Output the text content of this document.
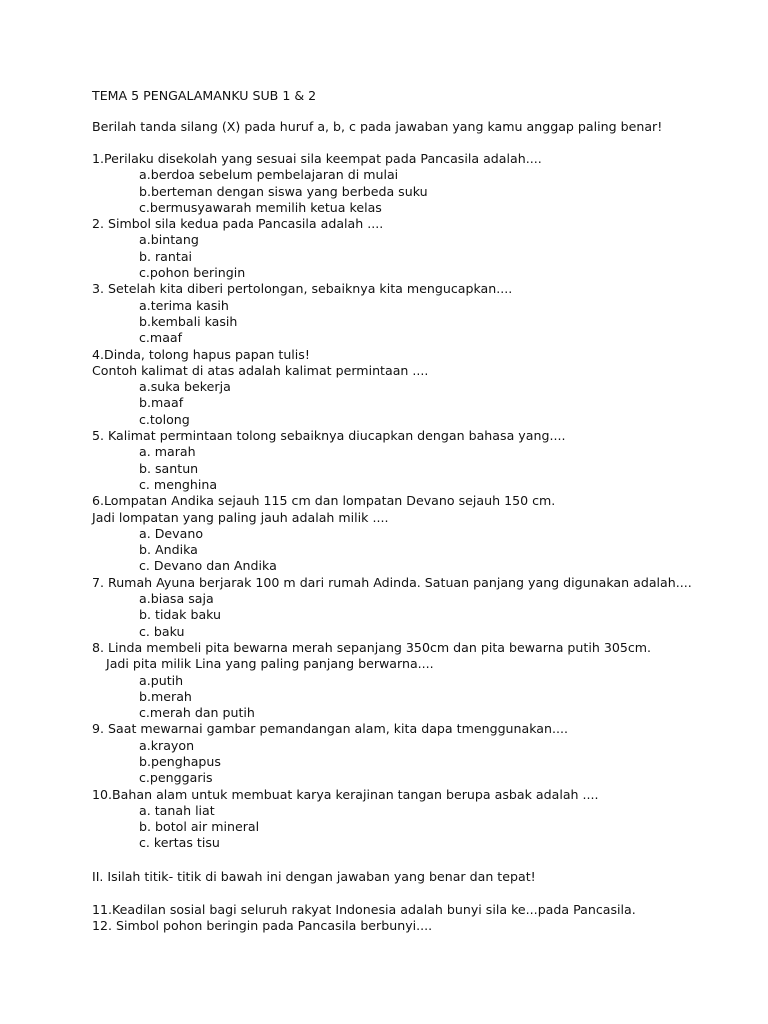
TEMA 5 PENGALAMANKU SUB 1 & 2
Berilah tanda silang (X) pada huruf a, b, c pada jawaban yang kamu anggap paling benar!
1.Perilaku disekolah yang sesuai sila keempat pada Pancasila adalah....
a.berdoa sebelum pembelajaran di mulai
b.berteman dengan siswa yang berbeda suku
c.bermusyawarah memilih ketua kelas
2. Simbol sila kedua pada Pancasila adalah ....
a.bintang
b. rantai
c.pohon beringin
3. Setelah kita diberi pertolongan, sebaiknya kita mengucapkan....
a.terima kasih
b.kembali kasih
c.maaf
4.Dinda, tolong hapus papan tulis!
Contoh kalimat di atas adalah kalimat permintaan ....
a.suka bekerja
b.maaf
c.tolong
5. Kalimat permintaan tolong sebaiknya diucapkan dengan bahasa yang....
a. marah
b. santun
c. menghina
6.Lompatan Andika sejauh 115 cm dan lompatan Devano sejauh 150 cm.
Jadi lompatan yang paling jauh adalah milik ....
a. Devano
b. Andika
c. Devano dan Andika
7. Rumah Ayuna berjarak 100 m dari rumah Adinda. Satuan panjang yang digunakan adalah....
a.biasa saja
b. tidak baku
c. baku
8. Linda membeli pita bewarna merah sepanjang 350cm dan pita bewarna putih 305cm.
Jadi pita milik Lina yang paling panjang berwarna....
a.putih
b.merah
c.merah dan putih
9. Saat mewarnai gambar pemandangan alam, kita dapa tmenggunakan....
a.krayon
b.penghapus
c.penggaris
10.Bahan alam untuk membuat karya kerajinan tangan berupa asbak adalah ....
a. tanah liat
b. botol air mineral
c. kertas tisu
II. Isilah titik- titik di bawah ini dengan jawaban yang benar dan tepat!
11.Keadilan sosial bagi seluruh rakyat Indonesia adalah bunyi sila ke...pada Pancasila.
12. Simbol pohon beringin pada Pancasila berbunyi....
